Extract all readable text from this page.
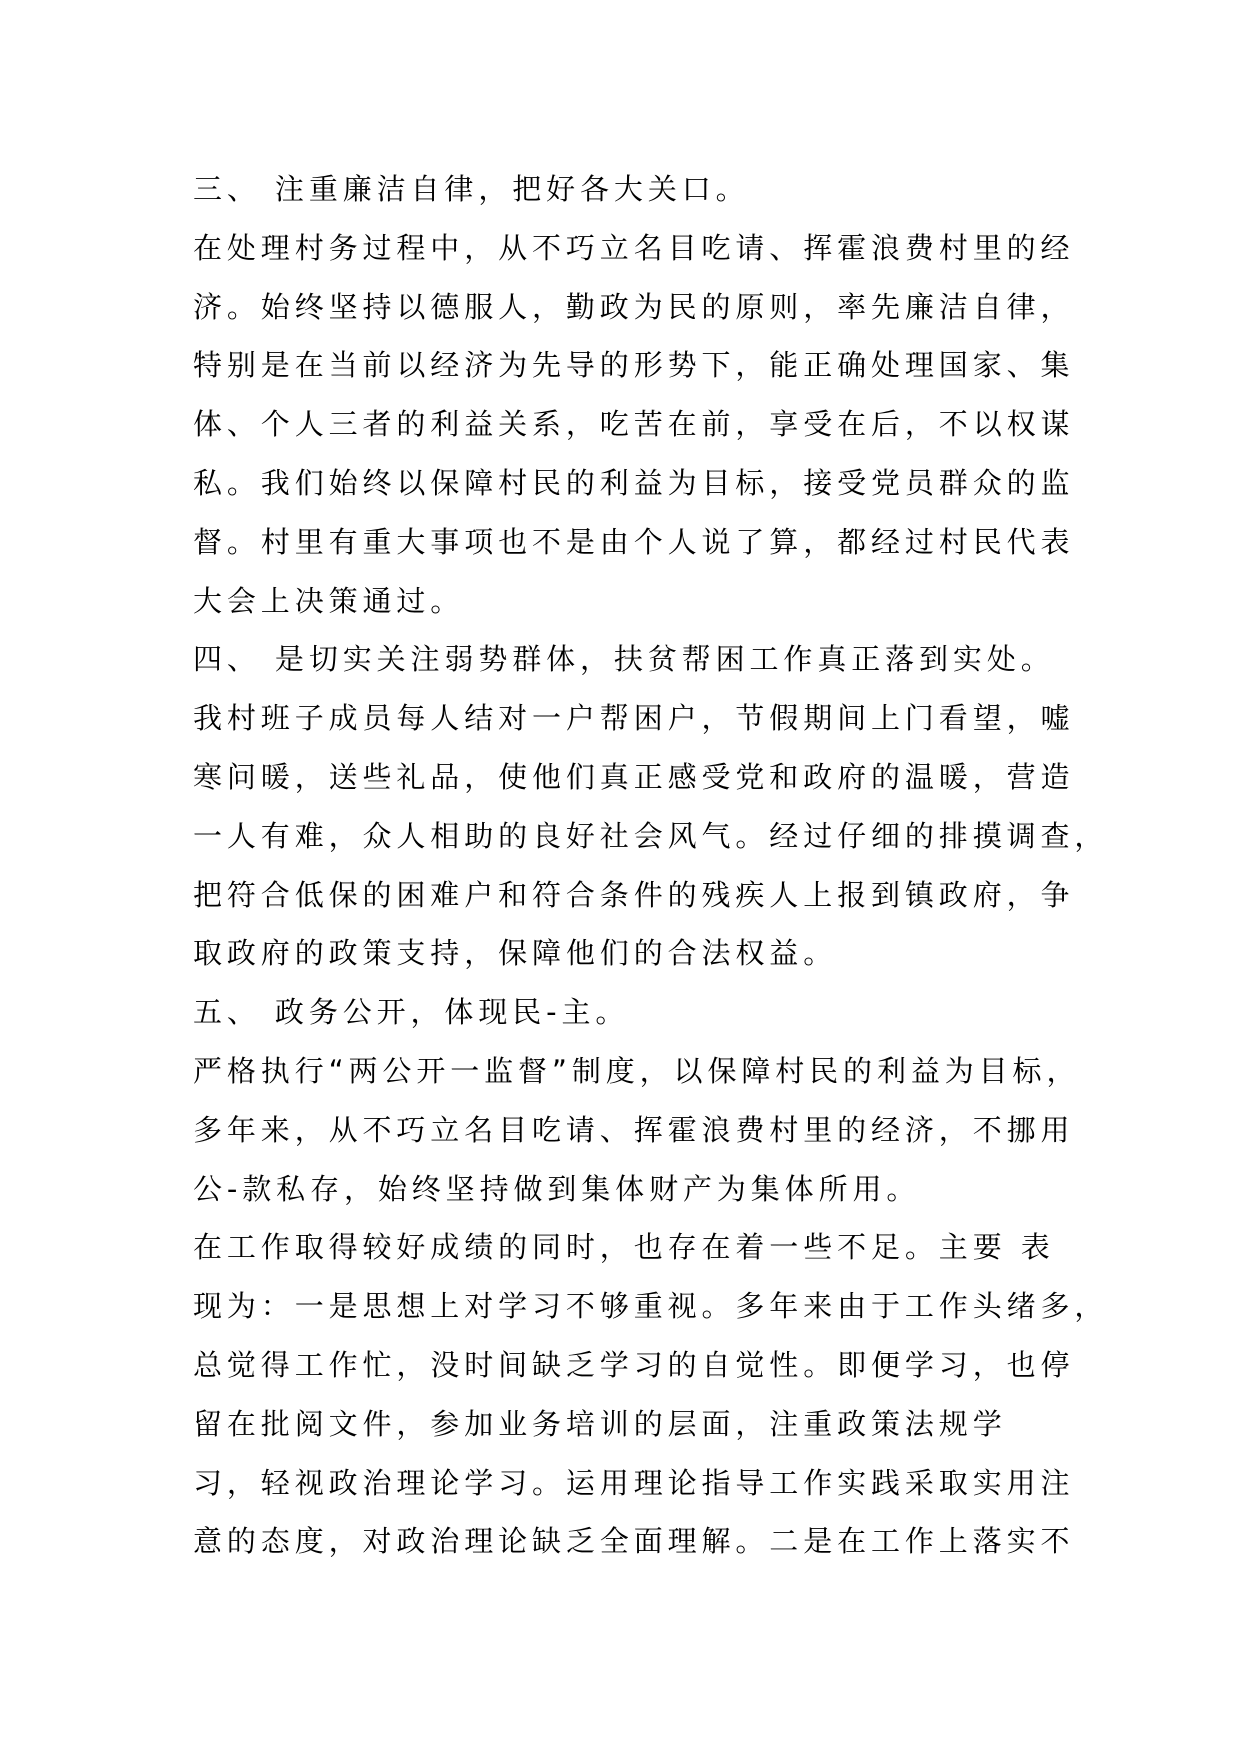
三、 注重廉洁自律，把好各大关口。
在处理村务过程中，从不巧立名目吃请、挥霍浪费村里的经
济。始终坚持以德服人，勤政为民的原则，率先廉洁自律，
特别是在当前以经济为先导的形势下，能正确处理国家、集
体、个人三者的利益关系，吃苦在前，享受在后，不以权谋
私。我们始终以保障村民的利益为目标，接受党员群众的监
督。村里有重大事项也不是由个人说了算，都经过村民代表
大会上决策通过。
四、 是切实关注弱势群体，扶贫帮困工作真正落到实处。
我村班子成员每人结对一户帮困户，节假期间上门看望，嘘
寒问暖，送些礼品，使他们真正感受党和政府的温暖，营造
一人有难，众人相助的良好社会风气。经过仔细的排摸调查，
把符合低保的困难户和符合条件的残疾人上报到镇政府，争
取政府的政策支持，保障他们的合法权益。
五、 政务公开，体现民-主。
严格执行“两公开一监督”制度，以保障村民的利益为目标，
多年来，从不巧立名目吃请、挥霍浪费村里的经济，不挪用
公-款私存，始终坚持做到集体财产为集体所用。
在工作取得较好成绩的同时，也存在着一些不足。主要 表
现为：一是思想上对学习不够重视。多年来由于工作头绪多，
总觉得工作忙，没时间缺乏学习的自觉性。即便学习，也停
留在批阅文件，参加业务培训的层面，注重政策法规学
习，轻视政治理论学习。运用理论指导工作实践采取实用注
意的态度，对政治理论缺乏全面理解。二是在工作上落实不
